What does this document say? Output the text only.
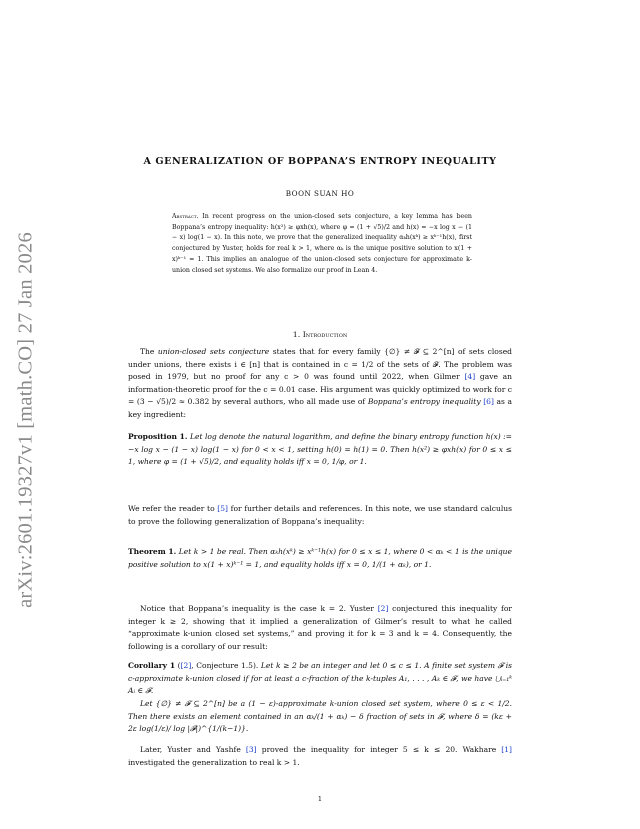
arXiv:2601.19327v1 [math.CO] 27 Jan 2026
A GENERALIZATION OF BOPPANA’S ENTROPY INEQUALITY
BOON SUAN HO
Abstract. In recent progress on the union-closed sets conjecture, a key lemma has been Boppana’s entropy inequality: h(x²) ≥ φxh(x), where φ = (1 + √5)/2 and h(x) = −x log x − (1 − x) log(1 − x). In this note, we prove that the generalized inequality αₖh(xᵏ) ≥ xᵏ⁻¹h(x), first conjectured by Yuster, holds for real k > 1, where αₖ is the unique positive solution to x(1 + x)ᵏ⁻¹ = 1. This implies an analogue of the union-closed sets conjecture for approximate k-union closed set systems. We also formalize our proof in Lean 4.
1. Introduction
The union-closed sets conjecture states that for every family {∅} ≠ 𝓕 ⊆ 2^[n] of sets closed under unions, there exists i ∈ [n] that is contained in c = 1/2 of the sets of 𝓕. The problem was posed in 1979, but no proof for any c > 0 was found until 2022, when Gilmer [4] gave an information-theoretic proof for the c = 0.01 case. His argument was quickly optimized to work for c = (3 − √5)/2 ≈ 0.382 by several authors, who all made use of Boppana’s entropy inequality [6] as a key ingredient:
Proposition 1. Let log denote the natural logarithm, and define the binary entropy function h(x) := −x log x − (1 − x) log(1 − x) for 0 < x < 1, setting h(0) = h(1) = 0. Then h(x²) ≥ φxh(x) for 0 ≤ x ≤ 1, where φ = (1 + √5)/2, and equality holds iff x = 0, 1/φ, or 1.
We refer the reader to [5] for further details and references. In this note, we use standard calculus to prove the following generalization of Boppana’s inequality:
Theorem 1. Let k > 1 be real. Then αₖh(xᵏ) ≥ xᵏ⁻¹h(x) for 0 ≤ x ≤ 1, where 0 < αₖ < 1 is the unique positive solution to x(1 + x)ᵏ⁻¹ = 1, and equality holds iff x = 0, 1/(1 + αₖ), or 1.
Notice that Boppana’s inequality is the case k = 2. Yuster [2] conjectured this inequality for integer k ≥ 2, showing that it implied a generalization of Gilmer’s result to what he called “approximate k-union closed set systems,” and proving it for k = 3 and k = 4. Consequently, the following is a corollary of our result:
Corollary 1 ([2], Conjecture 1.5). Let k ≥ 2 be an integer and let 0 ≤ c ≤ 1. A finite set system 𝓕 is c-approximate k-union closed if for at least a c-fraction of the k-tuples A₁, . . . , Aₖ ∈ 𝓕, we have ⋃ᵢ₌₁ᵏ Aᵢ ∈ 𝓕.
Let {∅} ≠ 𝓕 ⊆ 2^[n] be a (1 − ε)-approximate k-union closed set system, where 0 ≤ ε < 1/2. Then there exists an element contained in an αₖ/(1 + αₖ) − δ fraction of sets in 𝓕, where δ = (kε + 2ε log(1/ε)/ log |𝓕|)^{1/(k−1)}.
Later, Yuster and Yashfe [3] proved the inequality for integer 5 ≤ k ≤ 20. Wakhare [1] investigated the generalization to real k > 1.
1
